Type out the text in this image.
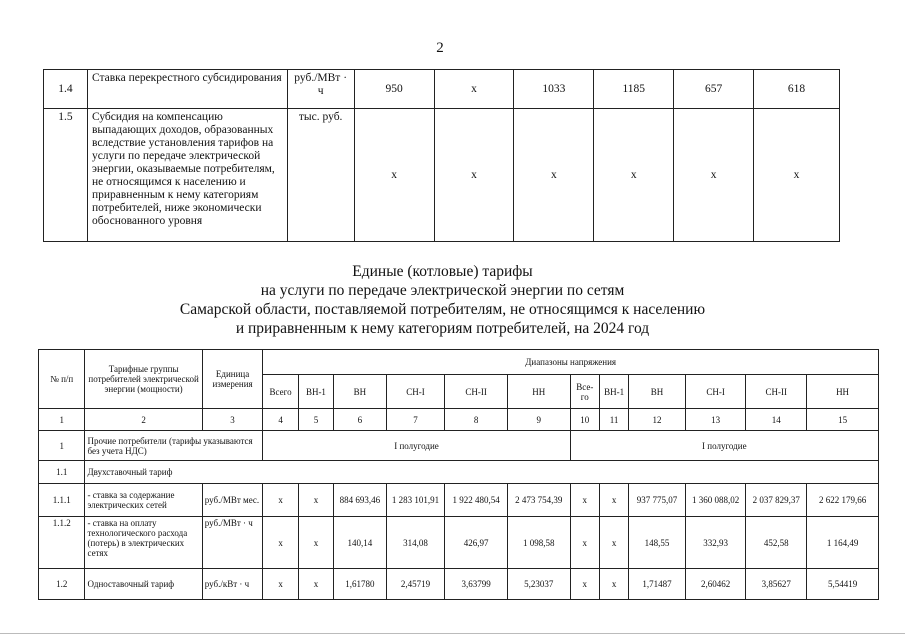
2
1.4	Ставка перекрестного субсидирования	руб./МВт · ч	950	x	1033	1185	657	618
1.5	Субсидия на компенсацию выпадающих доходов, образованных вследствие установления тарифов на услуги по передаче электрической энергии, оказываемые потребителям, не относящимся к населению и приравненным к нему категориям потребителей, ниже экономически обоснованного уровня	тыс. руб.	x	x	x	x	x	x
Единые (котловые) тарифы
на услуги по передаче электрической энергии по сетям
Самарской области, поставляемой потребителям, не относящимся к населению
и приравненным к нему категориям потребителей, на 2024 год
№ п/п	Тарифные группы потребителей электрической энергии (мощности)	Единица измерения	Диапазоны напряжения											
			Всего	ВН-1	ВН	СН-I	СН-II	НН	Все-го	ВН-1	ВН	СН-I	СН-II	НН
1	2	3	4	5	6	7	8	9	10	11	12	13	14	15
1	Прочие потребители (тарифы указываются без учета НДС)		I полугодие						I полугодие					
1.1	Двухставочный тариф													
1.1.1	- ставка за содержание электрических сетей	руб./МВт мес.	x	x	884 693,46	1 283 101,91	1 922 480,54	2 473 754,39	x	x	937 775,07	1 360 088,02	2 037 829,37	2 622 179,66
1.1.2	- ставка на оплату технологического расхода (потерь) в электрических сетях	руб./МВт · ч	x	x	140,14	314,08	426,97	1 098,58	x	x	148,55	332,93	452,58	1 164,49
1.2	Одноставочный тариф	руб./кВт · ч	x	x	1,61780	2,45719	3,63799	5,23037	x	x	1,71487	2,60462	3,85627	5,54419
